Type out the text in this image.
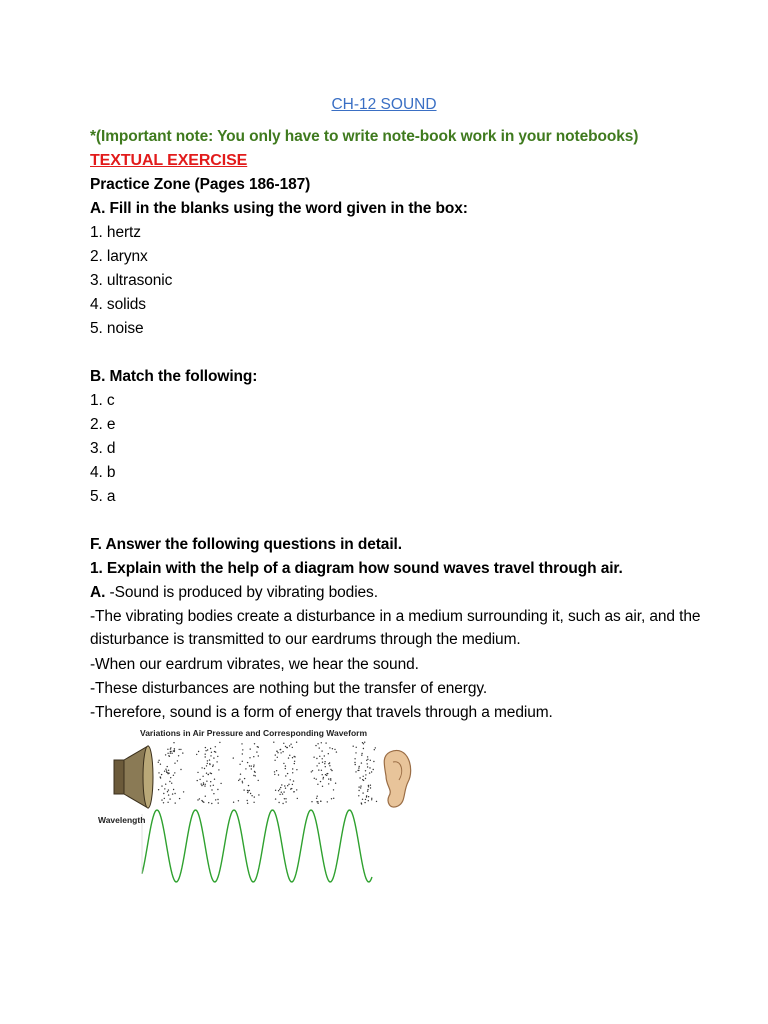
CH-12 SOUND
*(Important note: You only have to write note-book work in your notebooks)
TEXTUAL EXERCISE
Practice Zone (Pages 186-187)
A. Fill in the blanks using the word given in the box:
1. hertz
2. larynx
3. ultrasonic
4. solids
5. noise
B. Match the following:
1. c
2. e
3. d
4. b
5. a
F. Answer the following questions in detail.
1. Explain with the help of a diagram how sound waves travel through air.
A. -Sound is produced by vibrating bodies.
-The vibrating bodies create a disturbance in a medium surrounding it, such as air, and the
disturbance is transmitted to our eardrums through the medium.
-When our eardrum vibrates, we hear the sound.
-These disturbances are nothing but the transfer of energy.
-Therefore, sound is a form of energy that travels through a medium.
Variations in Air Pressure and Corresponding Waveform
Wavelength
